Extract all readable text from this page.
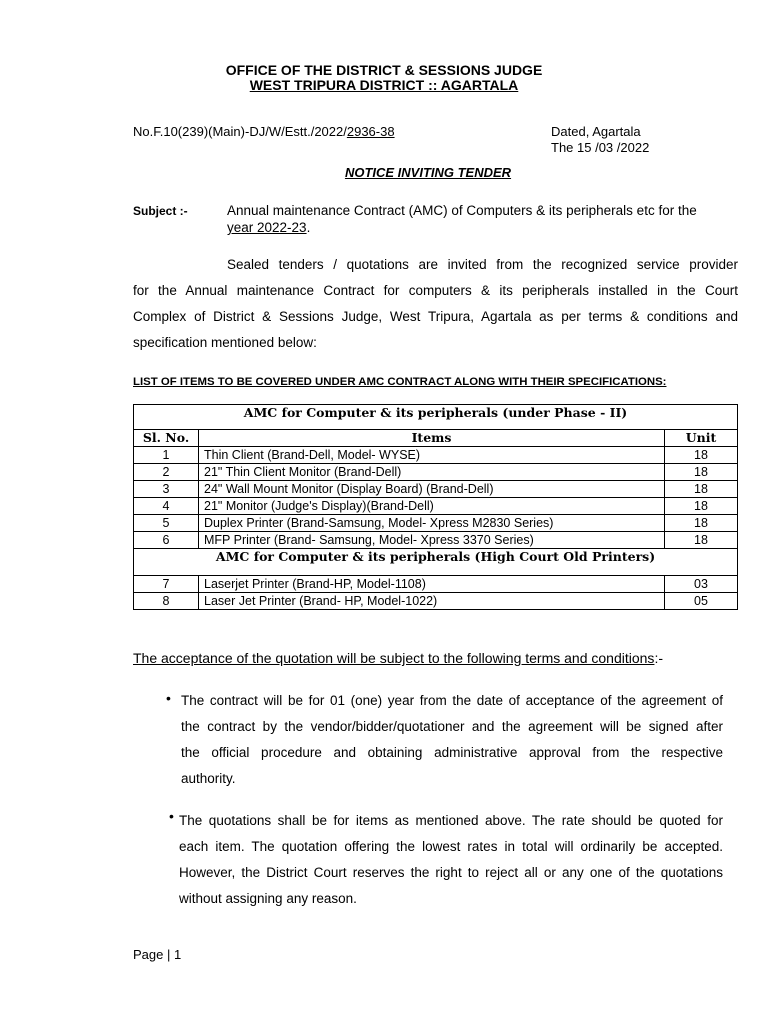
OFFICE OF THE DISTRICT & SESSIONS JUDGE
WEST TRIPURA DISTRICT :: AGARTALA
No.F.10(239)(Main)-DJ/W/Estt./2022/2936-38	Dated, Agartala
The 15 /03 /2022
NOTICE INVITING TENDER
Subject :-	Annual maintenance Contract (AMC) of Computers & its peripherals etc for the
year 2022-23.
Sealed tenders / quotations are invited from the recognized service provider
for the Annual maintenance Contract for computers & its peripherals installed in the Court
Complex of District & Sessions Judge, West Tripura, Agartala as per terms & conditions and
specification mentioned below:
LIST OF ITEMS TO BE COVERED UNDER AMC CONTRACT ALONG WITH THEIR SPECIFICATIONS:
AMC for Computer & its peripherals (under Phase - II)		
Sl. No.	Items	Unit
1	Thin Client (Brand-Dell, Model- WYSE)	18
2	21" Thin Client Monitor (Brand-Dell)	18
3	24" Wall Mount Monitor (Display Board) (Brand-Dell)	18
4	21" Monitor (Judge's Display)(Brand-Dell)	18
5	Duplex Printer (Brand-Samsung, Model- Xpress M2830 Series)	18
6	MFP Printer (Brand- Samsung, Model- Xpress 3370 Series)	18
AMC for Computer & its peripherals (High Court Old Printers)		
7	Laserjet Printer (Brand-HP, Model-1108)	03
8	Laser Jet Printer (Brand- HP, Model-1022)	05
The acceptance of the quotation will be subject to the following terms and conditions:-
• The contract will be for 01 (one) year from the date of acceptance of the agreement of
the contract by the vendor/bidder/quotationer and the agreement will be signed after
the official procedure and obtaining administrative approval from the respective
authority.
• The quotations shall be for items as mentioned above. The rate should be quoted for
each item. The quotation offering the lowest rates in total will ordinarily be accepted.
However, the District Court reserves the right to reject all or any one of the quotations
without assigning any reason.
Page | 1
